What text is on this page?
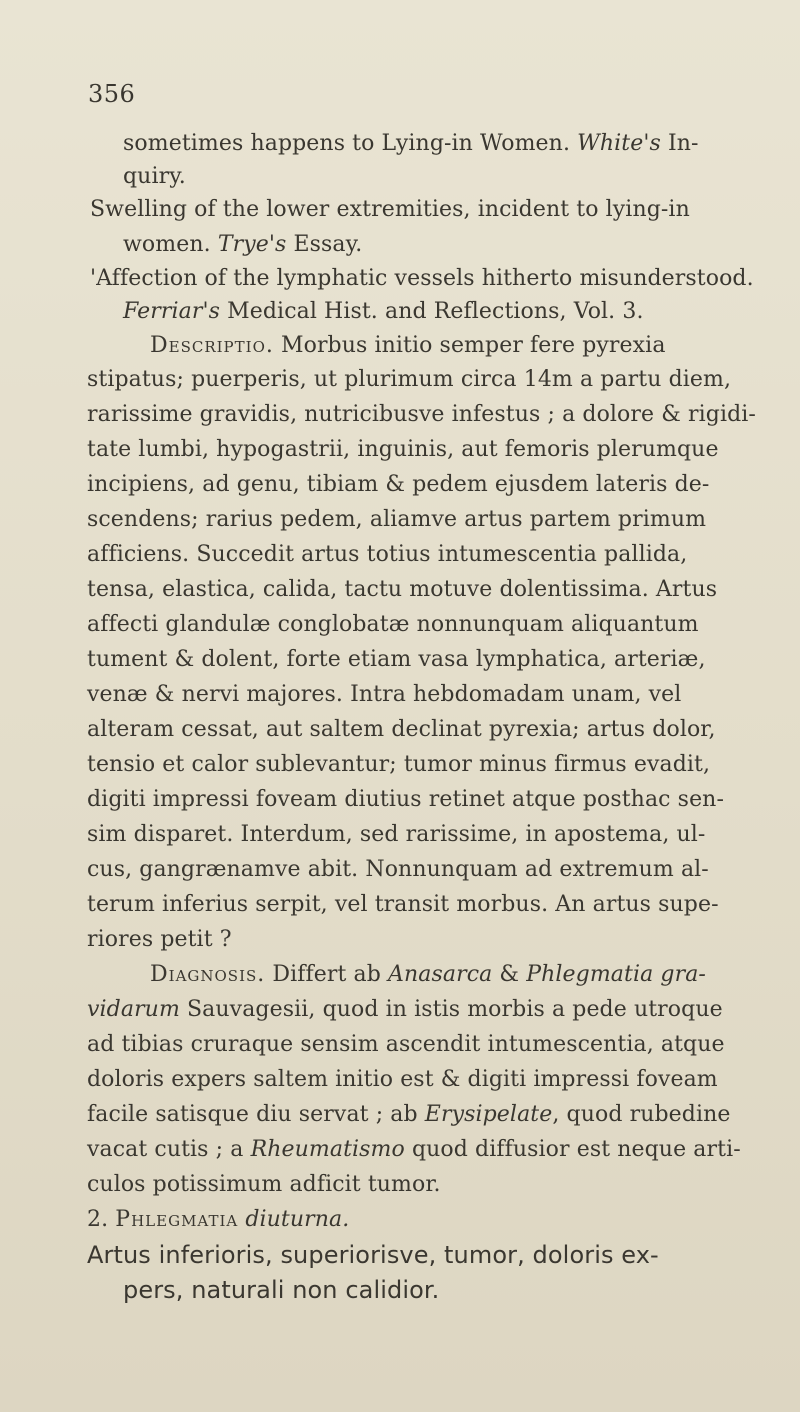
356
sometimes happens to Lying-in Women. White's In-
quiry.
Swelling of the lower extremities, incident to lying-in
women. Trye's Essay.
'Affection of the lymphatic vessels hitherto misunderstood.
Ferriar's Medical Hist. and Reflections, Vol. 3.
Descriptio. Morbus initio semper fere pyrexia
stipatus; puerperis, ut plurimum circa 14m a partu diem,
rarissime gravidis, nutricibusve infestus ; a dolore & rigidi-
tate lumbi, hypogastrii, inguinis, aut femoris plerumque
incipiens, ad genu, tibiam & pedem ejusdem lateris de-
scendens; rarius pedem, aliamve artus partem primum
afficiens. Succedit artus totius intumescentia pallida,
tensa, elastica, calida, tactu motuve dolentissima. Artus
affecti glandulæ conglobatæ nonnunquam aliquantum
tument & dolent, forte etiam vasa lymphatica, arteriæ,
venæ & nervi majores. Intra hebdomadam unam, vel
alteram cessat, aut saltem declinat pyrexia; artus dolor,
tensio et calor sublevantur; tumor minus firmus evadit,
digiti impressi foveam diutius retinet atque posthac sen-
sim disparet. Interdum, sed rarissime, in apostema, ul-
cus, gangrænamve abit. Nonnunquam ad extremum al-
terum inferius serpit, vel transit morbus. An artus supe-
riores petit ?
Diagnosis. Differt ab Anasarca & Phlegmatia gra-
vidarum Sauvagesii, quod in istis morbis a pede utroque
ad tibias cruraque sensim ascendit intumescentia, atque
doloris expers saltem initio est & digiti impressi foveam
facile satisque diu servat ; ab Erysipelate, quod rubedine
vacat cutis ; a Rheumatismo quod diffusior est neque arti-
culos potissimum adficit tumor.
2. Phlegmatia diuturna.
Artus inferioris, superiorisve, tumor, doloris ex-
pers, naturali non calidior.
